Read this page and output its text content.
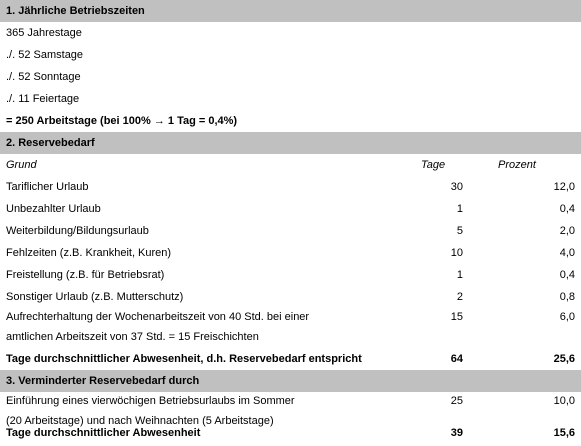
1. Jährliche Betriebszeiten
365 Jahrestage
./. 52 Samstage
./. 52 Sonntage
./. 11 Feiertage
= 250 Arbeitstage (bei 100% → 1 Tag = 0,4%)
2. Reservebedarf
Grund	Tage	Prozent
Tariflicher Urlaub	30	12,0
Unbezahlter Urlaub	1	0,4
Weiterbildung/Bildungsurlaub	5	2,0
Fehlzeiten (z.B. Krankheit, Kuren)	10	4,0
Freistellung (z.B. für Betriebsrat)	1	0,4
Sonstiger Urlaub (z.B. Mutterschutz)	2	0,8
Aufrechterhaltung der Wochenarbeitszeit von 40 Std. bei einer	15	6,0
amtlichen Arbeitszeit von 37 Std. = 15 Freischichten
Tage durchschnittlicher Abwesenheit, d.h. Reservebedarf entspricht	64	25,6
3. Verminderter Reservebedarf durch
Einführung eines vierwöchigen Betriebsurlaubs im Sommer	25	10,0
(20 Arbeitstage) und nach Weihnachten (5 Arbeitstage)
Tage durchschnittlicher Abwesenheit	39	15,6
